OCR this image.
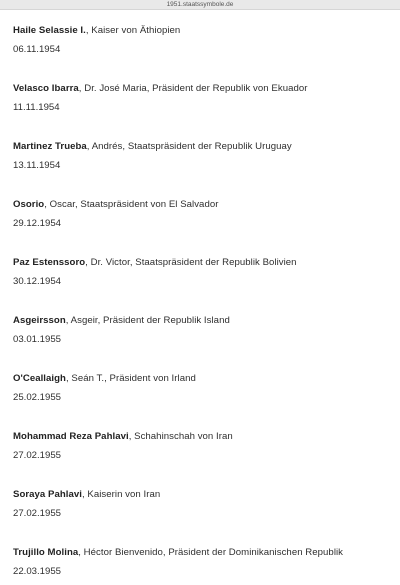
1951.staatssymbole.de
Haile Selassie I., Kaiser von Äthiopien
06.11.1954
Velasco Ibarra, Dr. José Maria, Präsident der Republik von Ekuador
11.11.1954
Martinez Trueba, Andrés, Staatspräsident der Republik Uruguay
13.11.1954
Osorio, Oscar, Staatspräsident von El Salvador
29.12.1954
Paz Estenssoro, Dr. Victor, Staatspräsident der Republik Bolivien
30.12.1954
Asgeirsson, Asgeir, Präsident der Republik Island
03.01.1955
O'Ceallaigh, Seán T., Präsident von Irland
25.02.1955
Mohammad Reza Pahlavi, Schahinschah von Iran
27.02.1955
Soraya Pahlavi, Kaiserin von Iran
27.02.1955
Trujillo Molina, Héctor Bienvenido, Präsident der Dominikanischen Republik
22.03.1955
